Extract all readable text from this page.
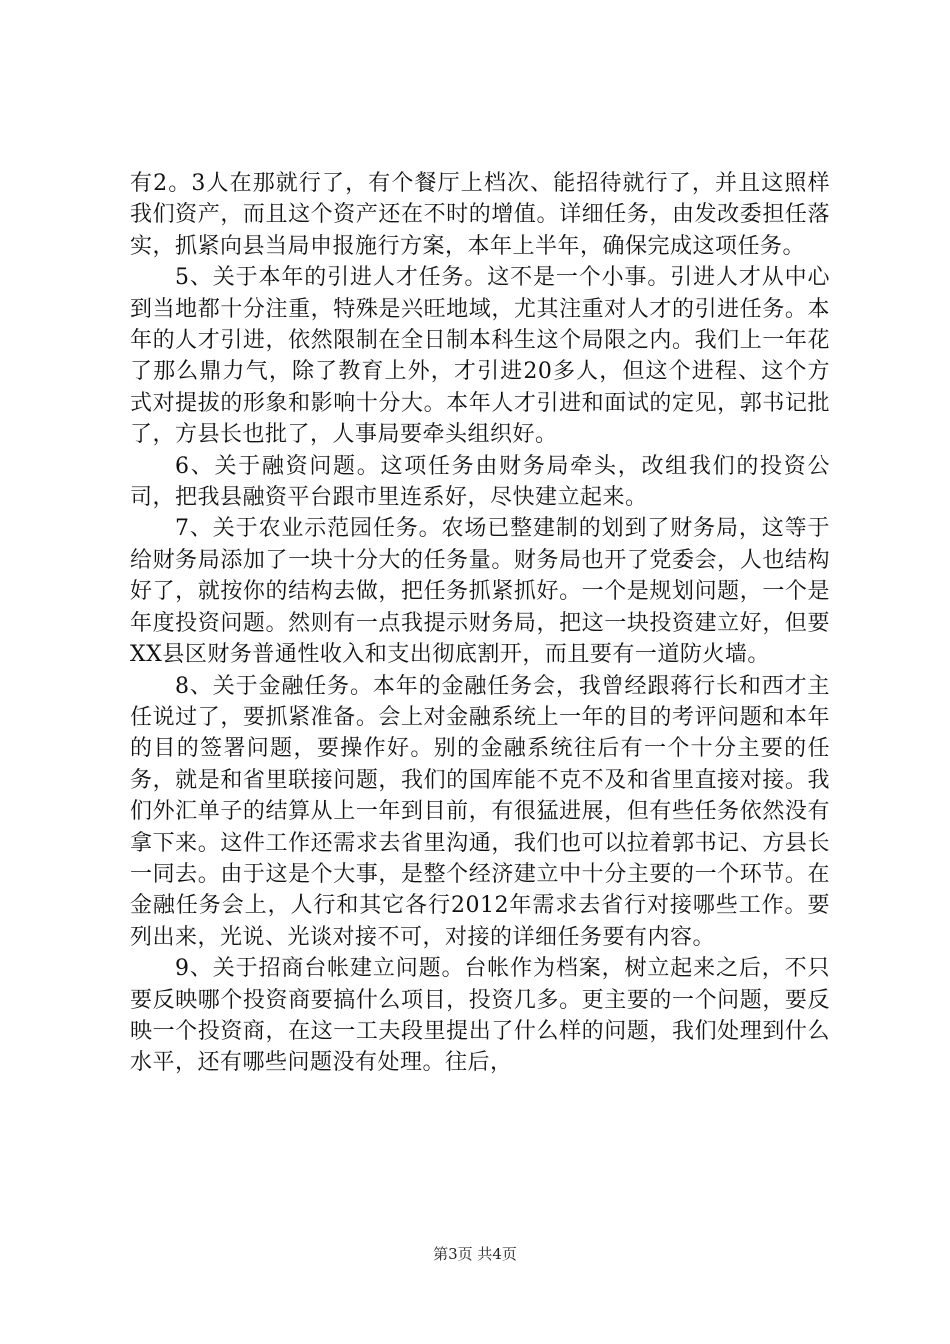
有2。3人在那就行了，有个餐厅上档次、能招待就行了，并且这照样我们资产，而且这个资产还在不时的增值。详细任务，由发改委担任落实，抓紧向县当局申报施行方案，本年上半年，确保完成这项任务。

5、关于本年的引进人才任务。这不是一个小事。引进人才从中心到当地都十分注重，特殊是兴旺地域，尤其注重对人才的引进任务。本年的人才引进，依然限制在全日制本科生这个局限之内。我们上一年花了那么鼎力气，除了教育上外，才引进20多人，但这个进程、这个方式对提拔的形象和影响十分大。本年人才引进和面试的定见，郭书记批了，方县长也批了，人事局要牵头组织好。

6、关于融资问题。这项任务由财务局牵头，改组我们的投资公司，把我县融资平台跟市里连系好，尽快建立起来。

7、关于农业示范园任务。农场已整建制的划到了财务局，这等于给财务局添加了一块十分大的任务量。财务局也开了党委会，人也结构好了，就按你的结构去做，把任务抓紧抓好。一个是规划问题，一个是年度投资问题。然则有一点我提示财务局，把这一块投资建立好，但要XX县区财务普通性收入和支出彻底割开，而且要有一道防火墙。

8、关于金融任务。本年的金融任务会，我曾经跟蒋行长和西才主任说过了，要抓紧准备。会上对金融系统上一年的目的考评问题和本年的目的签署问题，要操作好。别的金融系统往后有一个十分主要的任务，就是和省里联接问题，我们的国库能不克不及和省里直接对接。我们外汇单子的结算从上一年到目前，有很猛进展，但有些任务依然没有拿下来。这件工作还需求去省里沟通，我们也可以拉着郭书记、方县长一同去。由于这是个大事，是整个经济建立中十分主要的一个环节。在金融任务会上，人行和其它各行2012年需求去省行对接哪些工作。要列出来，光说、光谈对接不可，对接的详细任务要有内容。

9、关于招商台帐建立问题。台帐作为档案，树立起来之后，不只要反映哪个投资商要搞什么项目，投资几多。更主要的一个问题，要反映一个投资商，在这一工夫段里提出了什么样的问题，我们处理到什么水平，还有哪些问题没有处理。往后，

第3页 共4页
